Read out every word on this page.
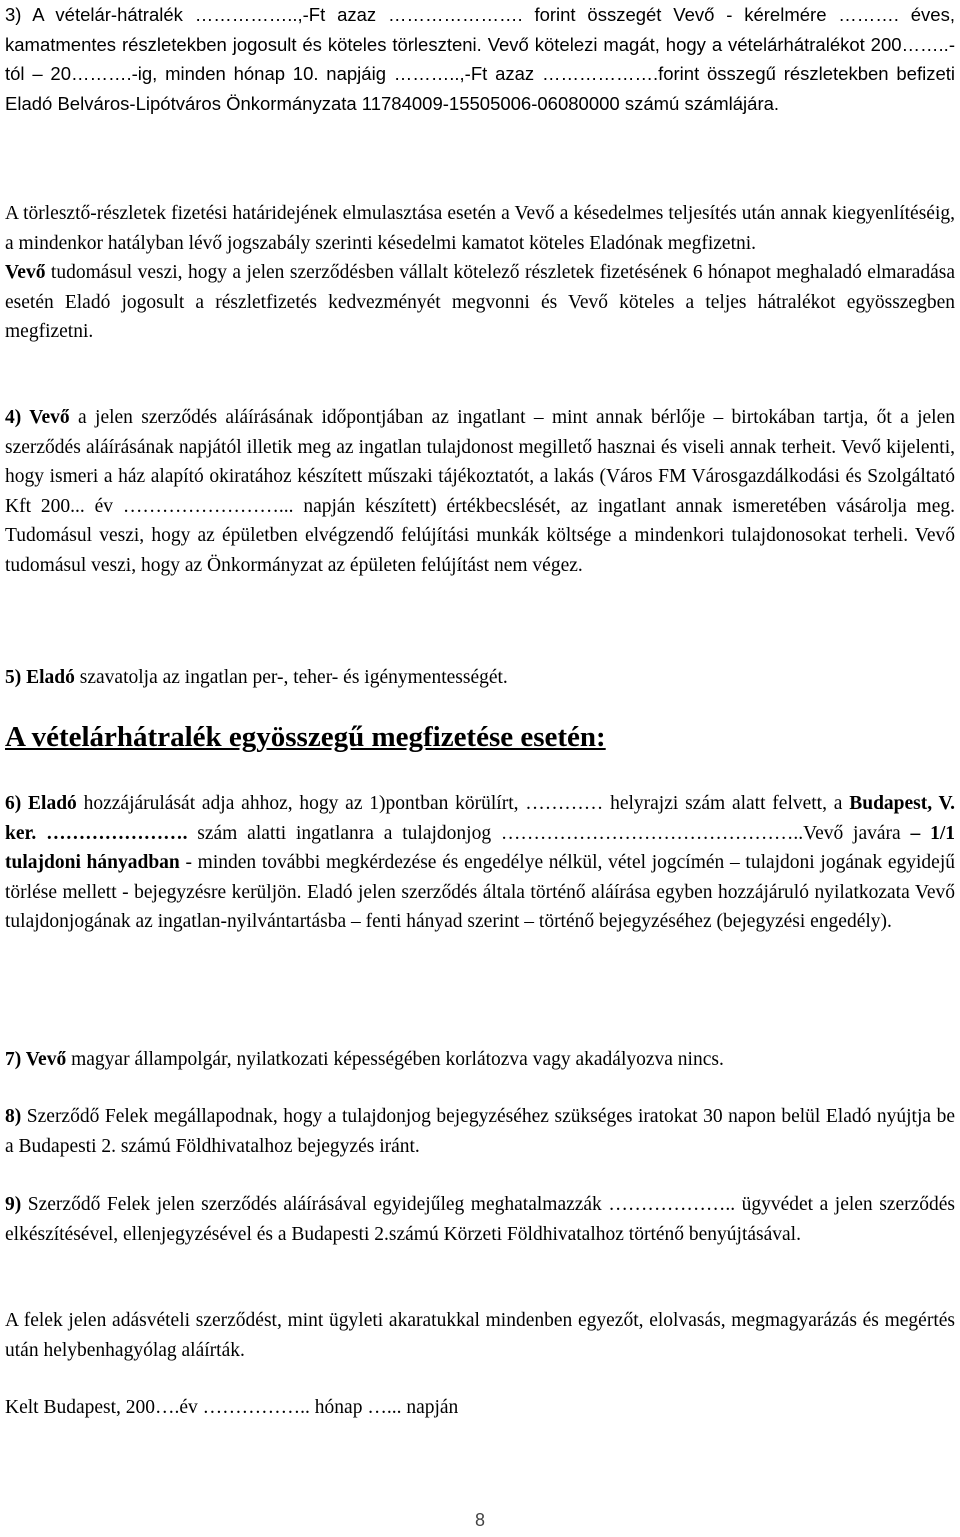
3) A vételár-hátralék ……………..,-Ft azaz …………………. forint összegét Vevő - kérelmére ………. éves, kamatmentes részletekben jogosult és köteles törleszteni. Vevő kötelezi magát, hogy a vételárhátralékot 200……..-tól – 20……….-ig, minden hónap 10. napjáig ………..,-Ft azaz ……………….forint összegű részletekben befizeti Eladó Belváros-Lipótváros Önkormányzata 11784009-15505006-06080000 számú számlájára.
A törlesztő-részletek fizetési határidejének elmulasztása esetén a Vevő a késedelmes teljesítés után annak kiegyenlítéséig, a mindenkor hatályban lévő jogszabály szerinti késedelmi kamatot köteles Eladónak megfizetni.
Vevő tudomásul veszi, hogy a jelen szerződésben vállalt kötelező részletek fizetésének 6 hónapot meghaladó elmaradása esetén Eladó jogosult a részletfizetés kedvezményét megvonni és Vevő köteles a teljes hátralékot egyösszegben megfizetni.
4) Vevő a jelen szerződés aláírásának időpontjában az ingatlant – mint annak bérlője – birtokában tartja, őt a jelen szerződés aláírásának napjától illetik meg az ingatlan tulajdonost megillető hasznai és viseli annak terheit. Vevő kijelenti, hogy ismeri a ház alapító okiratához készített műszaki tájékoztatót, a lakás (Város FM Városgazdálkodási és Szolgáltató Kft 200... év ……………………... napján készített) értékbecslését, az ingatlant annak ismeretében vásárolja meg. Tudomásul veszi, hogy az épületben elvégzendő felújítási munkák költsége a mindenkori tulajdonosokat terheli. Vevő tudomásul veszi, hogy az Önkormányzat az épületen felújítást nem végez.
5) Eladó szavatolja az ingatlan per-, teher- és igénymentességét.
A vételárhátralék egyösszegű megfizetése esetén:
6) Eladó hozzájárulását adja ahhoz, hogy az 1)pontban körülírt, ………… helyrajzi szám alatt felvett, a Budapest, V. ker. …………………. szám alatti ingatlanra a tulajdonjog ………………………………………..Vevő javára – 1/1 tulajdoni hányadban - minden további megkérdezése és engedélye nélkül, vétel jogcímén – tulajdoni jogának egyidejű törlése mellett - bejegyzésre kerüljön. Eladó jelen szerződés általa történő aláírása egyben hozzájáruló nyilatkozata Vevő tulajdonjogának az ingatlan-nyilvántartásba – fenti hányad szerint – történő bejegyzéséhez (bejegyzési engedély).
7) Vevő magyar állampolgár, nyilatkozati képességében korlátozva vagy akadályozva nincs.
8) Szerződő Felek megállapodnak, hogy a tulajdonjog bejegyzéséhez szükséges iratokat 30 napon belül Eladó nyújtja be a Budapesti 2. számú Földhivatalhoz bejegyzés iránt.
9) Szerződő Felek jelen szerződés aláírásával egyidejűleg meghatalmazzák ……………….. ügyvédet a jelen szerződés elkészítésével, ellenjegyzésével és a Budapesti 2.számú Körzeti Földhivatalhoz történő benyújtásával.
A felek jelen adásvételi szerződést, mint ügyleti akaratukkal mindenben egyezőt, elolvasás, megmagyarázás és megértés után helybenhagyólag aláírták.
Kelt Budapest, 200….év …………….. hónap …... napján
8
